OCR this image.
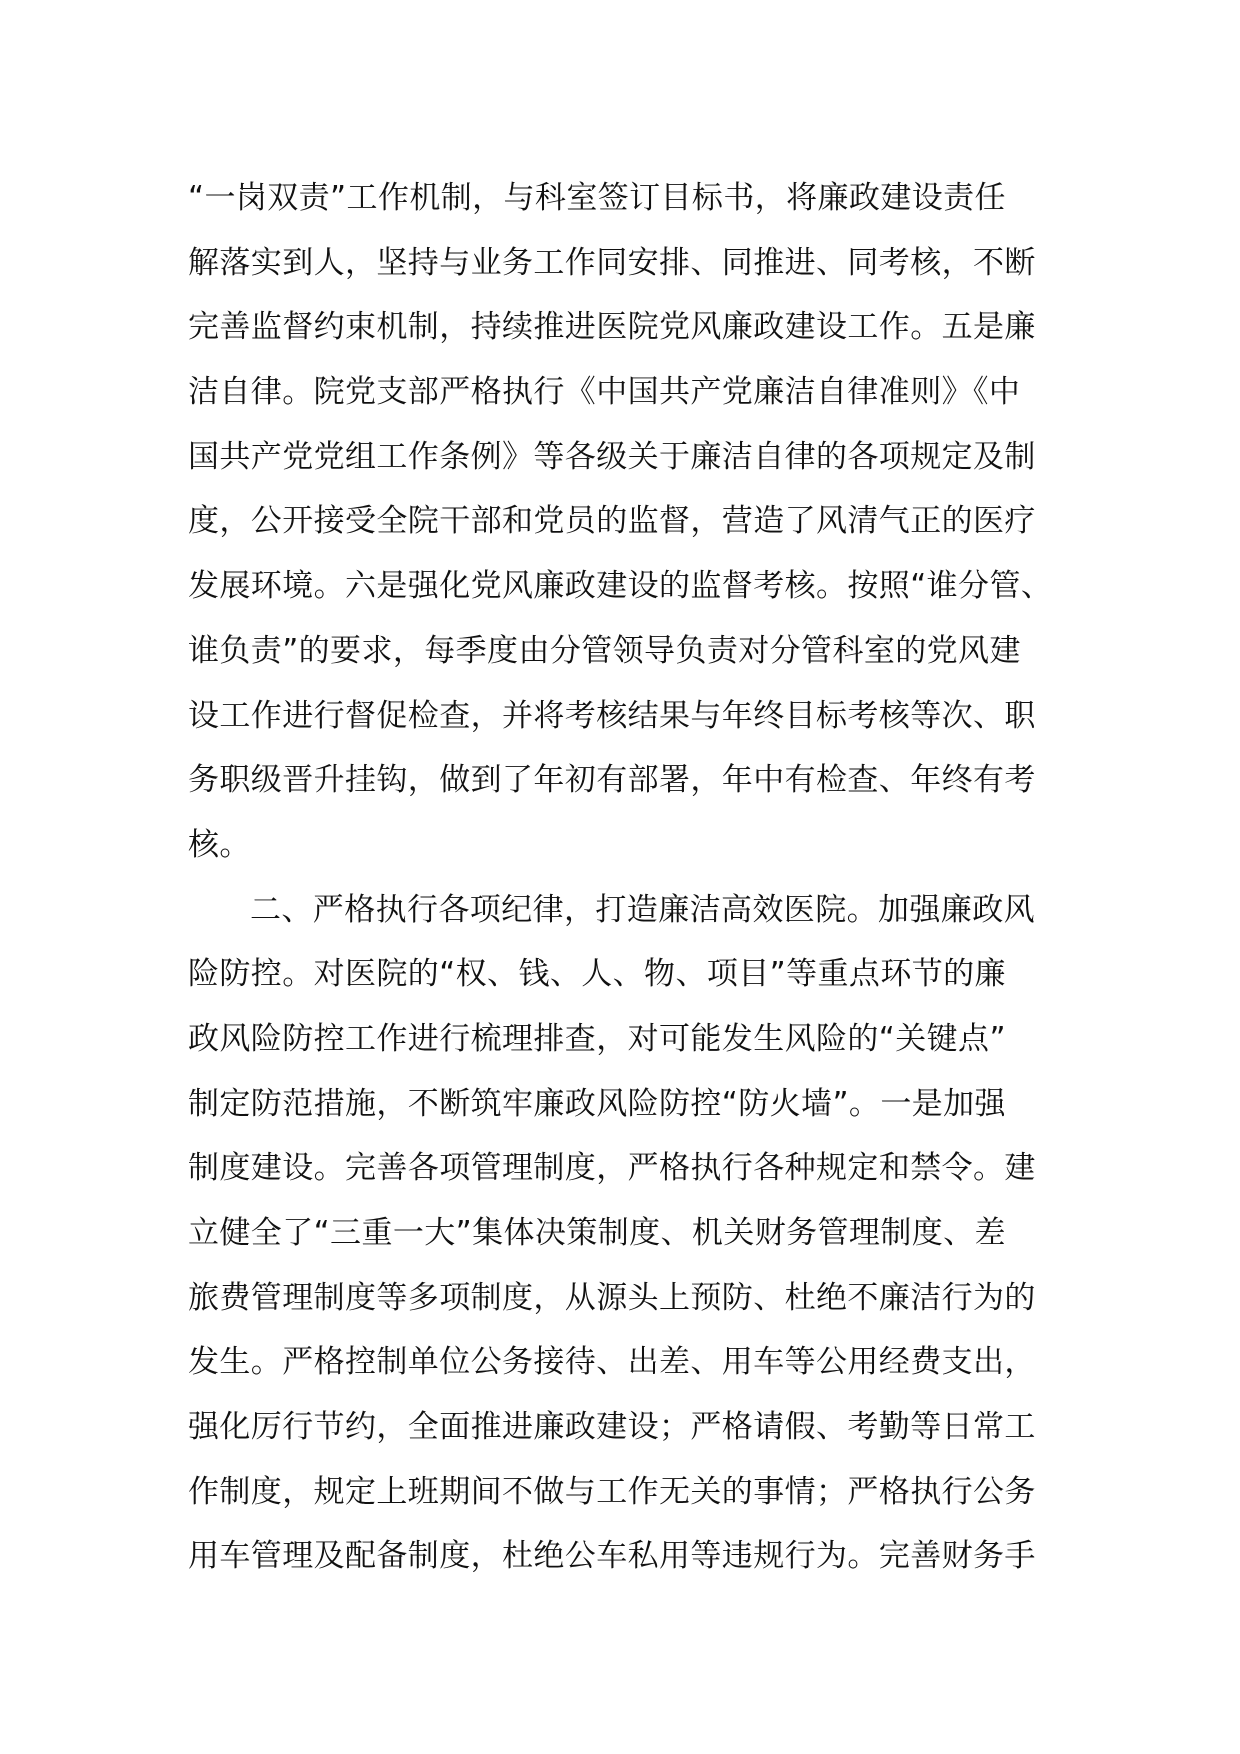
“一岗双责”工作机制，与科室签订目标书，将廉政建设责任
解落实到人，坚持与业务工作同安排、同推进、同考核，不断
完善监督约束机制，持续推进医院党风廉政建设工作。五是廉
洁自律。院党支部严格执行《中国共产党廉洁自律准则》《中
国共产党党组工作条例》等各级关于廉洁自律的各项规定及制
度，公开接受全院干部和党员的监督，营造了风清气正的医疗
发展环境。六是强化党风廉政建设的监督考核。按照“谁分管、
谁负责”的要求，每季度由分管领导负责对分管科室的党风建
设工作进行督促检查，并将考核结果与年终目标考核等次、职
务职级晋升挂钩，做到了年初有部署，年中有检查、年终有考
核。
二、严格执行各项纪律，打造廉洁高效医院。加强廉政风
险防控。对医院的“权、钱、人、物、项目”等重点环节的廉
政风险防控工作进行梳理排查，对可能发生风险的“关键点”
制定防范措施，不断筑牢廉政风险防控“防火墙”。一是加强
制度建设。完善各项管理制度，严格执行各种规定和禁令。建
立健全了“三重一大”集体决策制度、机关财务管理制度、差
旅费管理制度等多项制度，从源头上预防、杜绝不廉洁行为的
发生。严格控制单位公务接待、出差、用车等公用经费支出，
强化厉行节约，全面推进廉政建设；严格请假、考勤等日常工
作制度，规定上班期间不做与工作无关的事情；严格执行公务
用车管理及配备制度，杜绝公车私用等违规行为。完善财务手
